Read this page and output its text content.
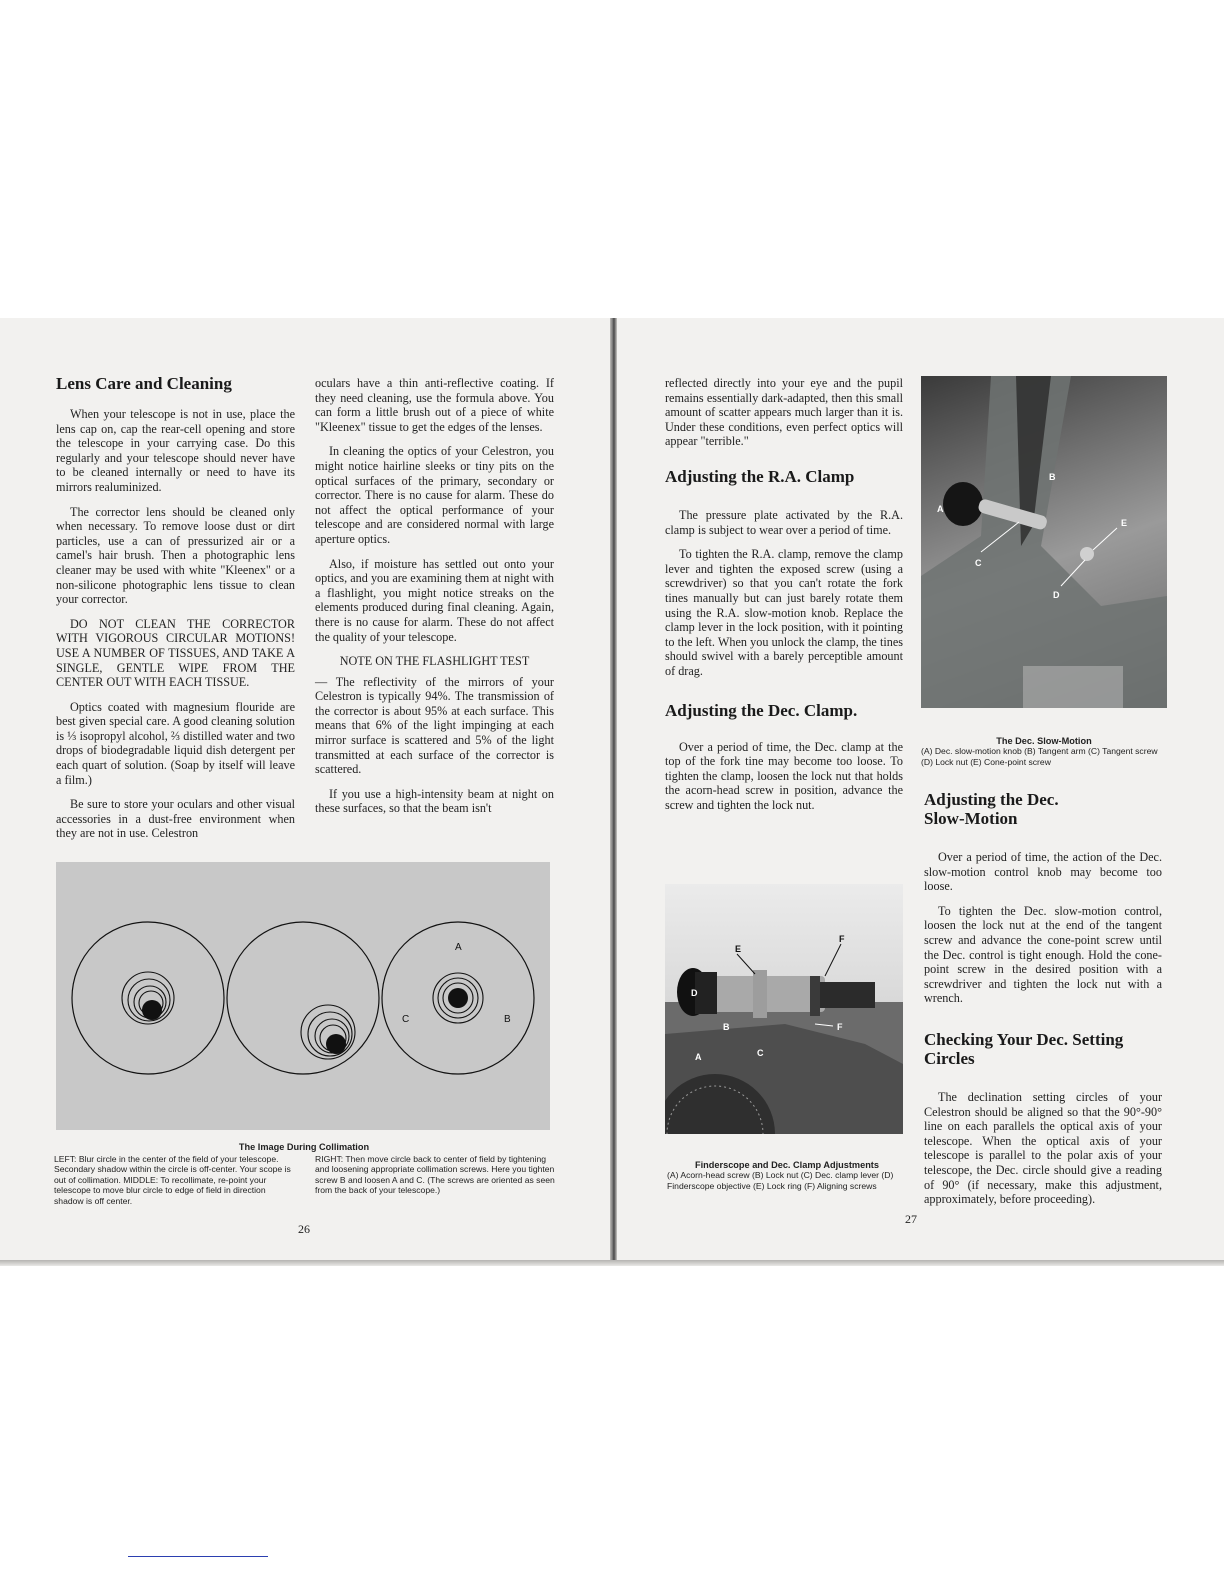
Lens Care and Cleaning

When your telescope is not in use, place the lens cap on, cap the rear-cell opening and store the telescope in your carrying case. Do this regularly and your telescope should never have to be cleaned internally or need to have its mirrors realuminized.

The corrector lens should be cleaned only when necessary. To remove loose dust or dirt particles, use a can of pressurized air or a camel's hair brush. Then a photographic lens cleaner may be used with white "Kleenex" or a non-silicone photographic lens tissue to clean your corrector.

DO NOT CLEAN THE CORRECTOR WITH VIGOROUS CIRCULAR MOTIONS! USE A NUMBER OF TISSUES, AND TAKE A SINGLE, GENTLE WIPE FROM THE CENTER OUT WITH EACH TISSUE.

Optics coated with magnesium flouride are best given special care. A good cleaning solution is ⅓ isopropyl alcohol, ⅔ distilled water and two drops of biodegradable liquid dish detergent per each quart of solution. (Soap by itself will leave a film.)

Be sure to store your oculars and other visual accessories in a dust-free environment when they are not in use. Celestron

oculars have a thin anti-reflective coating. If they need cleaning, use the formula above. You can form a little brush out of a piece of white "Kleenex" tissue to get the edges of the lenses.

In cleaning the optics of your Celestron, you might notice hairline sleeks or tiny pits on the optical surfaces of the primary, secondary or corrector. There is no cause for alarm. These do not affect the optical performance of your telescope and are considered normal with large aperture optics.

Also, if moisture has settled out onto your optics, and you are examining them at night with a flashlight, you might notice streaks on the elements produced during final cleaning. Again, there is no cause for alarm. These do not affect the quality of your telescope.

NOTE ON THE FLASHLIGHT TEST

— The reflectivity of the mirrors of your Celestron is typically 94%. The transmission of the corrector is about 95% at each surface. This means that 6% of the light impinging at each mirror surface is scattered and 5% of the light transmitted at each surface of the corrector is scattered.

If you use a high-intensity beam at night on these surfaces, so that the beam isn't

A
B
C
The Image During Collimation
LEFT: Blur circle in the center of the field of your telescope. Secondary shadow within the circle is off-center. Your scope is out of collimation. MIDDLE: To recollimate, re-point your telescope to move blur circle to edge of field in direction shadow is off center.
RIGHT: Then move circle back to center of field by tightening and loosening appropriate collimation screws. Here you tighten screw B and loosen A and C. (The screws are oriented as seen from the back of your telescope.)
26

reflected directly into your eye and the pupil remains essentially dark-adapted, then this small amount of scatter appears much larger than it is. Under these conditions, even perfect optics will appear "terrible."

Adjusting the R.A. Clamp

The pressure plate activated by the R.A. clamp is subject to wear over a period of time.

To tighten the R.A. clamp, remove the clamp lever and tighten the exposed screw (using a screwdriver) so that you can't rotate the fork tines manually but can just barely rotate them using the R.A. slow-motion knob. Replace the clamp lever in the lock position, with it pointing to the left. When you unlock the clamp, the tines should swivel with a barely perceptible amount of drag.

Adjusting the Dec. Clamp.

Over a period of time, the Dec. clamp at the top of the fork tine may become too loose. To tighten the clamp, loosen the lock nut that holds the acorn-head screw in position, advance the screw and tighten the lock nut.

A
B
C
D
E
The Dec. Slow-Motion
(A) Dec. slow-motion knob (B) Tangent arm (C) Tangent screw (D) Lock nut (E) Cone-point screw
Adjusting the Dec. Slow-Motion

Over a period of time, the action of the Dec. slow-motion control knob may become too loose.

To tighten the Dec. slow-motion control, loosen the lock nut at the end of the tangent screw and advance the cone-point screw until the Dec. control is tight enough. Hold the cone-point screw in the desired position with a screwdriver and tighten the lock nut with a wrench.

Checking Your Dec. Setting Circles

The declination setting circles of your Celestron should be aligned so that the 90°-90° line on each parallels the optical axis of your telescope. When the optical axis of your telescope is parallel to the polar axis of your telescope, the Dec. circle should give a reading of 90° (if necessary, make this adjustment, approximately, before proceeding).

E
F
D
F
B
A	C
Finderscope and Dec. Clamp Adjustments
(A) Acorn-head screw (B) Lock nut (C) Dec. clamp lever (D) Finderscope objective (E) Lock ring (F) Aligning screws
27
